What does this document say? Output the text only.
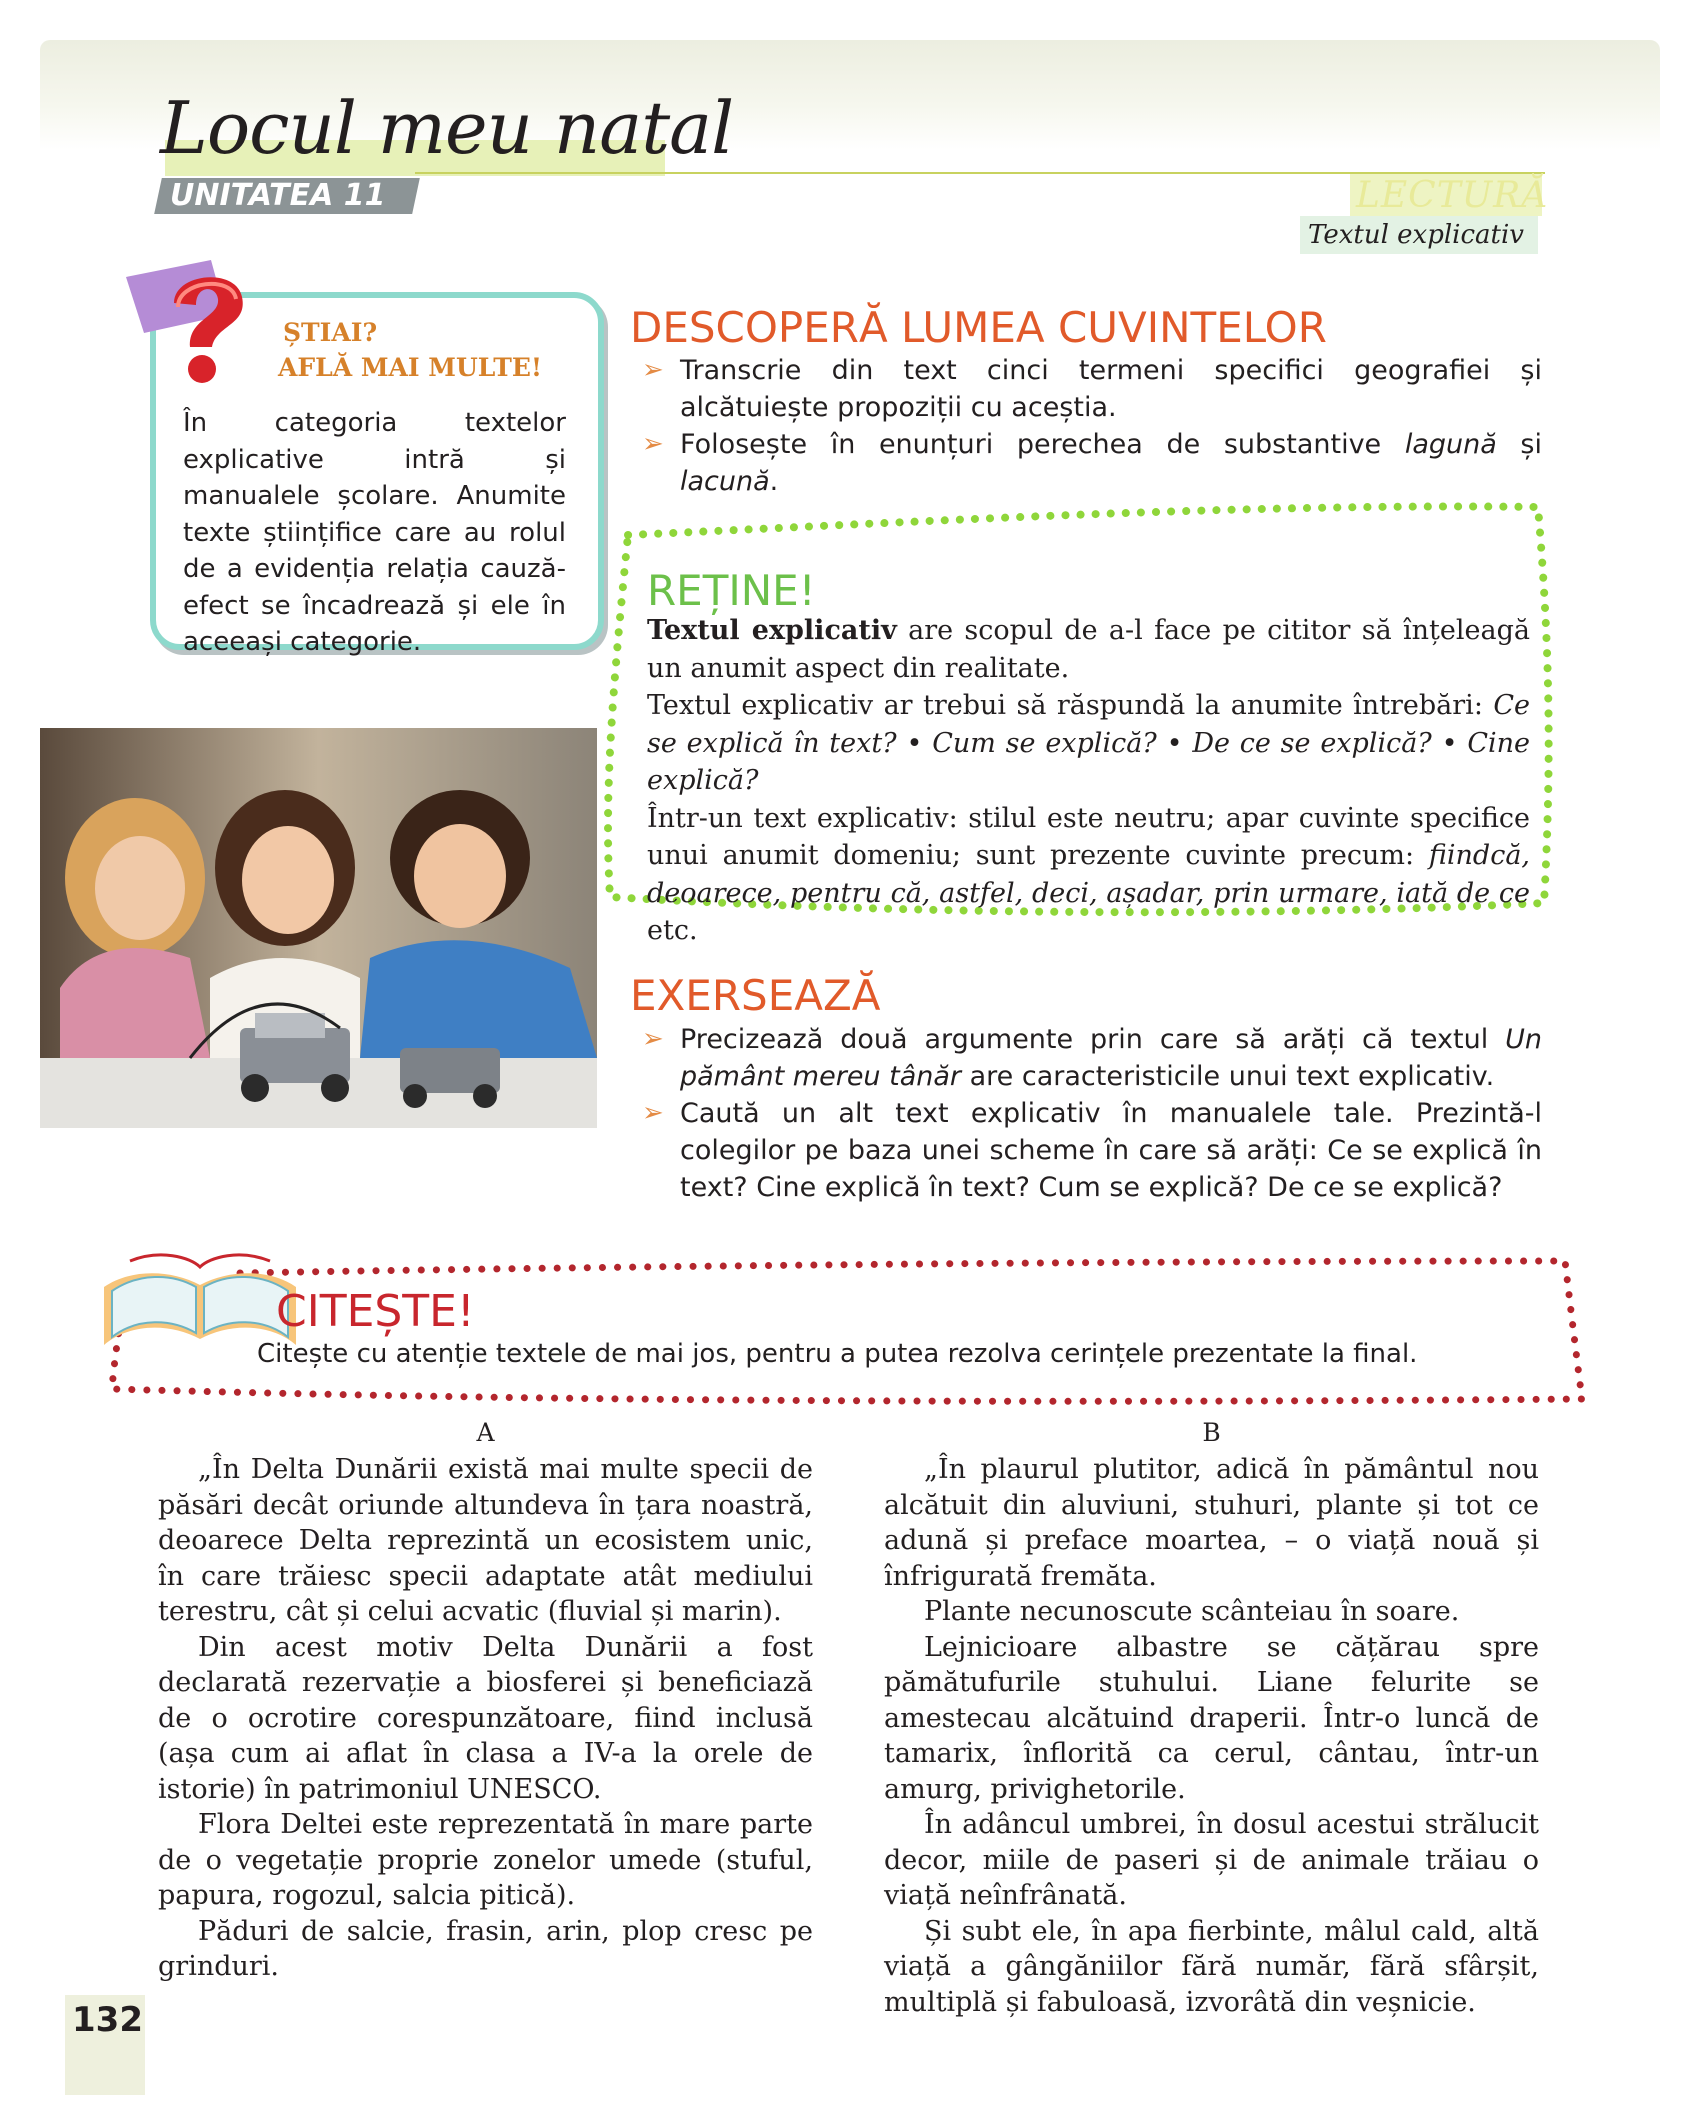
Locul meu natal
UNITATEA 11	LECTURĂ
Textul explicativ
ȘTIAI?
AFLĂ MAI MULTE!
În categoria textelor explicative intră și manualele școlare. Anumite texte științifice care au rolul de a evidenția relația cauză-efect se încadrează și ele în aceeași categorie.
DESCOPERĂ LUMEA CUVINTELOR
➢ Transcrie din text cinci termeni specifici geografiei și alcătuiește propoziții cu aceștia.
➢ Folosește în enunțuri perechea de substantive lagună și lacună.
REȚINE!
Textul explicativ are scopul de a-l face pe cititor să înțeleagă un anumit aspect din realitate.
Textul explicativ ar trebui să răspundă la anumite întrebări: Ce se explică în text? • Cum se explică? • De ce se explică? • Cine explică?
Într-un text explicativ: stilul este neutru; apar cuvinte specifice unui anumit domeniu; sunt prezente cuvinte precum: fiindcă, deoarece, pentru că, astfel, deci, așadar, prin urmare, iată de ce etc.
EXERSEAZĂ
➢ Precizează două argumente prin care să arăți că textul Un pământ mereu tânăr are caracteristicile unui text explicativ.
➢ Caută un alt text explicativ în manualele tale. Prezintă-l colegilor pe baza unei scheme în care să arăți: Ce se explică în text? Cine explică în text? Cum se explică? De ce se explică?
CITEȘTE!
Citește cu atenție textele de mai jos, pentru a putea rezolva cerințele prezentate la final.
A

„În Delta Dunării există mai multe specii de păsări decât oriunde altundeva în țara noastră, deoarece Delta reprezintă un ecosistem unic, în care trăiesc specii adaptate atât mediului terestru, cât și celui acvatic (fluvial și marin).

Din acest motiv Delta Dunării a fost declarată rezervație a biosferei și beneficiază de o ocrotire corespunzătoare, fiind inclusă (așa cum ai aflat în clasa a IV-a la orele de istorie) în patrimoniul UNESCO.

Flora Deltei este reprezentată în mare parte de o vegetație proprie zonelor umede (stuful, papura, rogozul, salcia pitică).

Păduri de salcie, frasin, arin, plop cresc pe grinduri.

B

„În plaurul plutitor, adică în pământul nou alcătuit din aluviuni, stuhuri, plante și tot ce adună și preface moartea, – o viață nouă și înfrigurată fremăta.

Plante necunoscute scânteiau în soare.

Lejnicioare albastre se cățărau spre pămătufurile stuhului. Liane felurite se amestecau alcătuind draperii. Într-o luncă de tamarix, înflorită ca cerul, cântau, într-un amurg, privighetorile.

În adâncul umbrei, în dosul acestui strălucit decor, miile de paseri și de animale trăiau o viață neînfrânată.

Și subt ele, în apa fierbinte, mâlul cald, altă viață a gângăniilor fără număr, fără sfârșit, multiplă și fabuloasă, izvorâtă din veșnicie.

132
